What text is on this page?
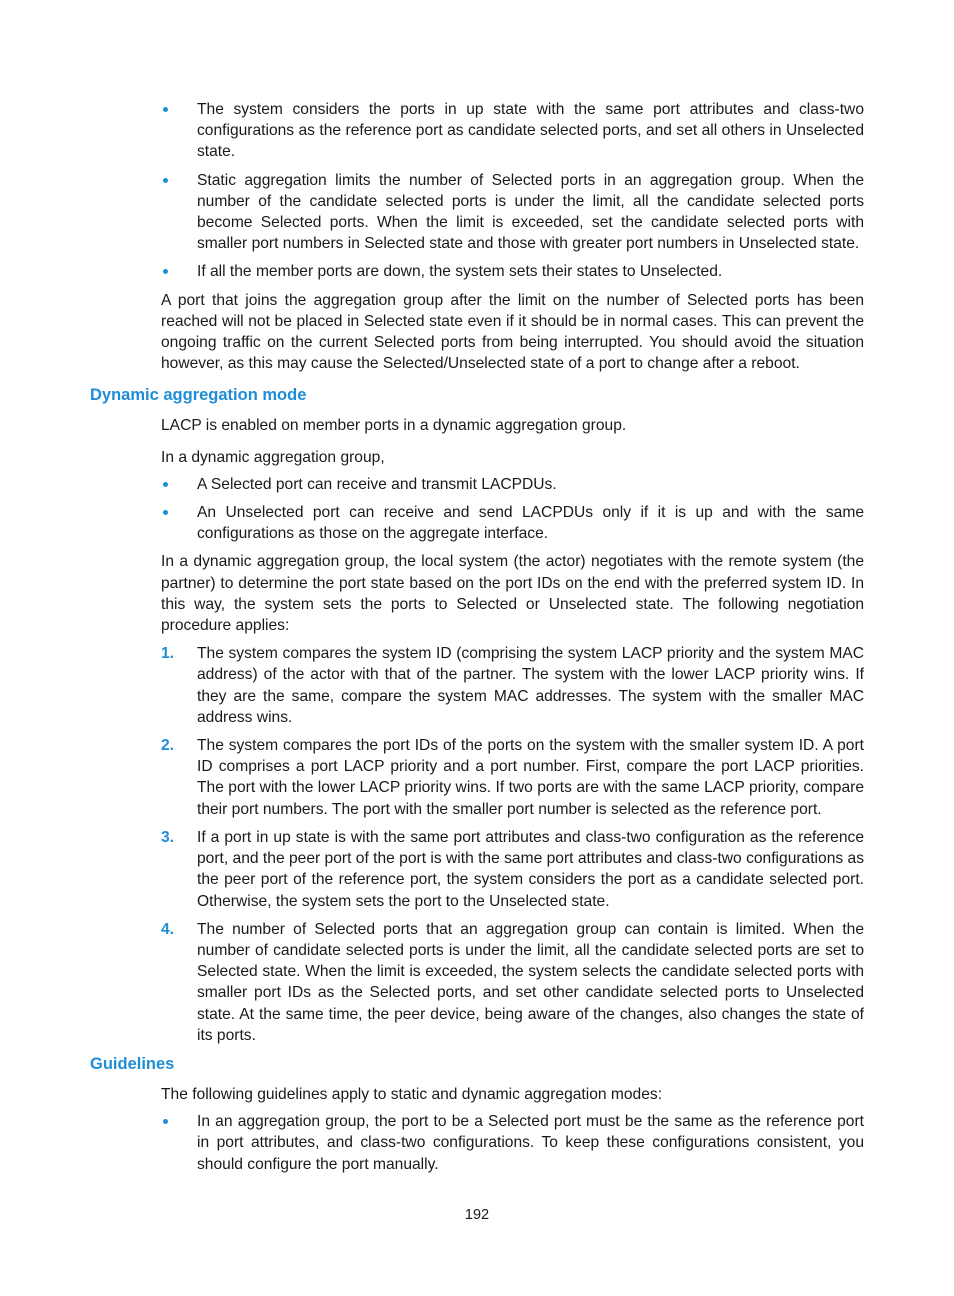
The system considers the ports in up state with the same port attributes and class-two configurations as the reference port as candidate selected ports, and set all others in Unselected state.
Static aggregation limits the number of Selected ports in an aggregation group. When the number of the candidate selected ports is under the limit, all the candidate selected ports become Selected ports. When the limit is exceeded, set the candidate selected ports with smaller port numbers in Selected state and those with greater port numbers in Unselected state.
If all the member ports are down, the system sets their states to Unselected.

A port that joins the aggregation group after the limit on the number of Selected ports has been reached will not be placed in Selected state even if it should be in normal cases. This can prevent the ongoing traffic on the current Selected ports from being interrupted. You should avoid the situation however, as this may cause the Selected/Unselected state of a port to change after a reboot.

Dynamic aggregation mode

LACP is enabled on member ports in a dynamic aggregation group.

In a dynamic aggregation group,

A Selected port can receive and transmit LACPDUs.
An Unselected port can receive and send LACPDUs only if it is up and with the same configurations as those on the aggregate interface.

In a dynamic aggregation group, the local system (the actor) negotiates with the remote system (the partner) to determine the port state based on the port IDs on the end with the preferred system ID. In this way, the system sets the ports to Selected or Unselected state. The following negotiation procedure applies:

1. The system compares the system ID (comprising the system LACP priority and the system MAC address) of the actor with that of the partner. The system with the lower LACP priority wins. If they are the same, compare the system MAC addresses. The system with the smaller MAC address wins.
2. The system compares the port IDs of the ports on the system with the smaller system ID. A port ID comprises a port LACP priority and a port number. First, compare the port LACP priorities. The port with the lower LACP priority wins. If two ports are with the same LACP priority, compare their port numbers. The port with the smaller port number is selected as the reference port.
3. If a port in up state is with the same port attributes and class-two configuration as the reference port, and the peer port of the port is with the same port attributes and class-two configurations as the peer port of the reference port, the system considers the port as a candidate selected port. Otherwise, the system sets the port to the Unselected state.
4. The number of Selected ports that an aggregation group can contain is limited. When the number of candidate selected ports is under the limit, all the candidate selected ports are set to Selected state. When the limit is exceeded, the system selects the candidate selected ports with smaller port IDs as the Selected ports, and set other candidate selected ports to Unselected state. At the same time, the peer device, being aware of the changes, also changes the state of its ports.
Guidelines

The following guidelines apply to static and dynamic aggregation modes:

In an aggregation group, the port to be a Selected port must be the same as the reference port in port attributes, and class-two configurations. To keep these configurations consistent, you should configure the port manually.
192
